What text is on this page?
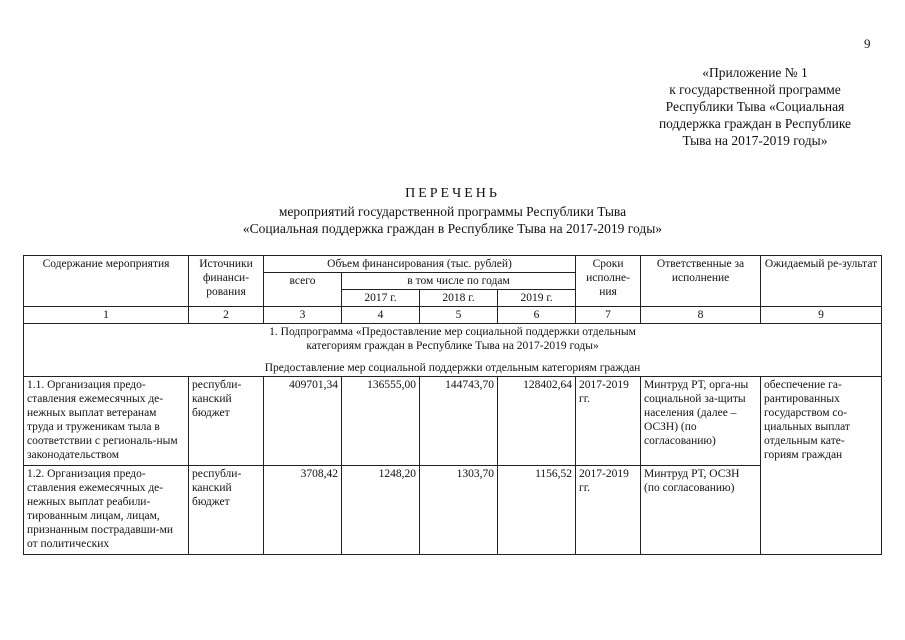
9
«Приложение № 1
к государственной программе
Республики Тыва «Социальная
поддержка граждан в Республике
Тыва на 2017-2019 годы»
ПЕРЕЧЕНЬ
мероприятий государственной программы Республики Тыва
«Социальная поддержка граждан в Республике Тыва на 2017-2019 годы»
Содержание мероприятия	Источники финанси-рования	Объем финансирования (тыс. рублей)				Сроки исполне-ния	Ответственные за исполнение	Ожидаемый ре-зультат
		всего	в том числе по годам					
			2017 г.	2018 г.	2019 г.			
1	2	3	4	5	6	7	8	9

1. Подпрограмма «Предоставление мер социальной поддержки отдельным
категориям граждан в Республике Тыва на 2017-2019 годы»
Предоставление мер социальной поддержки отдельным категориям граждан								

1.1. Организация предо-ставления ежемесячных де-нежных выплат ветеранам труда и труженикам тыла в соответствии с региональ-ным законодательством	республи-канский бюджет	409701,34	136555,00	144743,70	128402,64	2017-2019 гг.	Минтруд РТ, орга-ны социальной за-щиты населения (далее – ОСЗН) (по согласованию)	обеспечение га-рантированных государством со-циальных выплат отдельным кате-гориям граждан
1.2. Организация предо-ставления ежемесячных де-нежных выплат реабили-тированным лицам, лицам, признанным пострадавши-ми от политических	республи-канский бюджет	3708,42	1248,20	1303,70	1156,52	2017-2019 гг.	Минтруд РТ, ОСЗН (по согласованию)	
